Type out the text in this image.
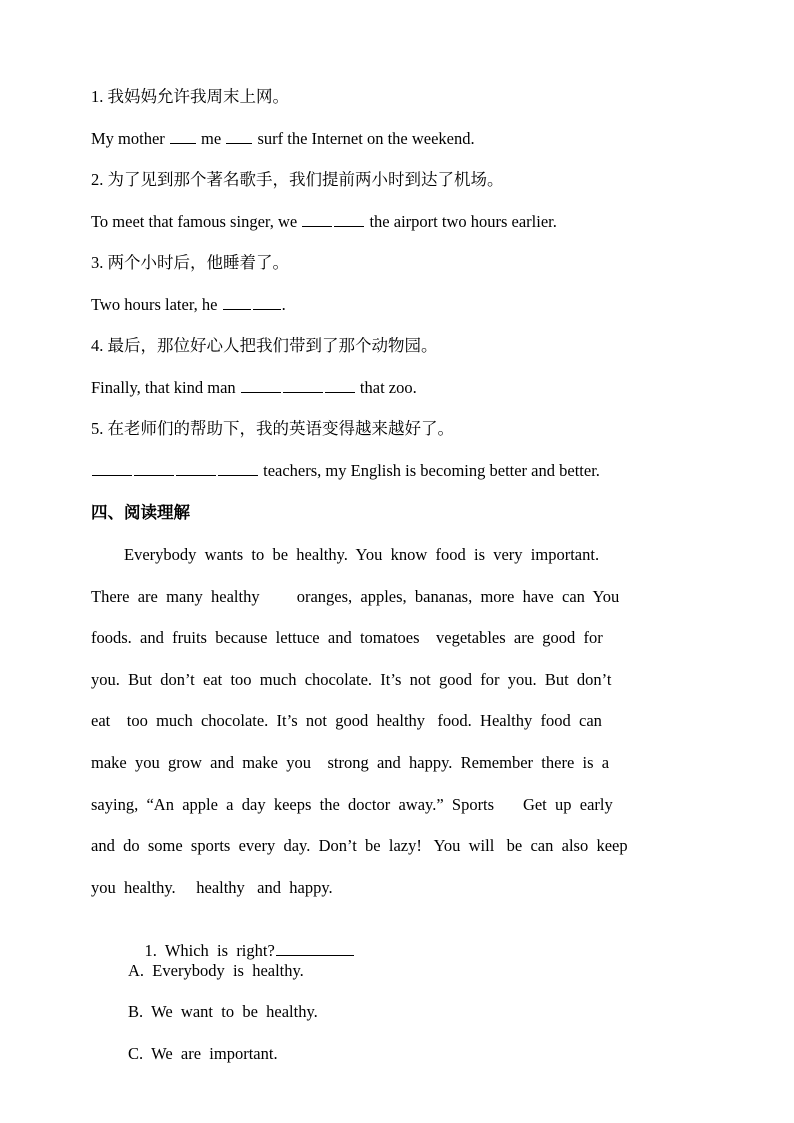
1. 我妈妈允许我周末上网。
My mother  me  surf the Internet on the weekend.
2. 为了见到那个著名歌手，我们提前两小时到达了机场。
To meet that famous singer, we	the airport two hours earlier.
3. 两个小时后，他睡着了。
Two hours later, he	.
4. 最后，那位好心人把我们带到了那个动物园。
Finally, that kind man	that zoo.
5. 在老师们的帮助下，我的英语变得越来越好了。
teachers, my English is becoming better and better.
四、阅读理解
Everybody  wants  to  be  healthy.  You  know  food  is  very  important.
There  are  many  healthy         oranges,  apples,  bananas,  more  have  can  You
foods.  and  fruits  because  lettuce  and  tomatoes    vegetables  are  good  for
you.  But  don’t  eat  too  much  chocolate.  It’s  not  good  for  you.  But  don’t
eat    too  much  chocolate.  It’s  not  good  healthy   food.  Healthy  food  can
make  you  grow  and  make  you    strong  and  happy.  Remember  there  is  a
saying,  “An  apple  a  day  keeps  the  doctor  away.”  Sports       Get  up  early
and  do  some  sports  every  day.  Don’t  be  lazy!   You  will   be  can  also  keep
you  healthy.     healthy   and  happy.

1.  Which  is  right?

A.  Everybody  is  healthy.
B.  We  want  to  be  healthy.
C.  We  are  important.
